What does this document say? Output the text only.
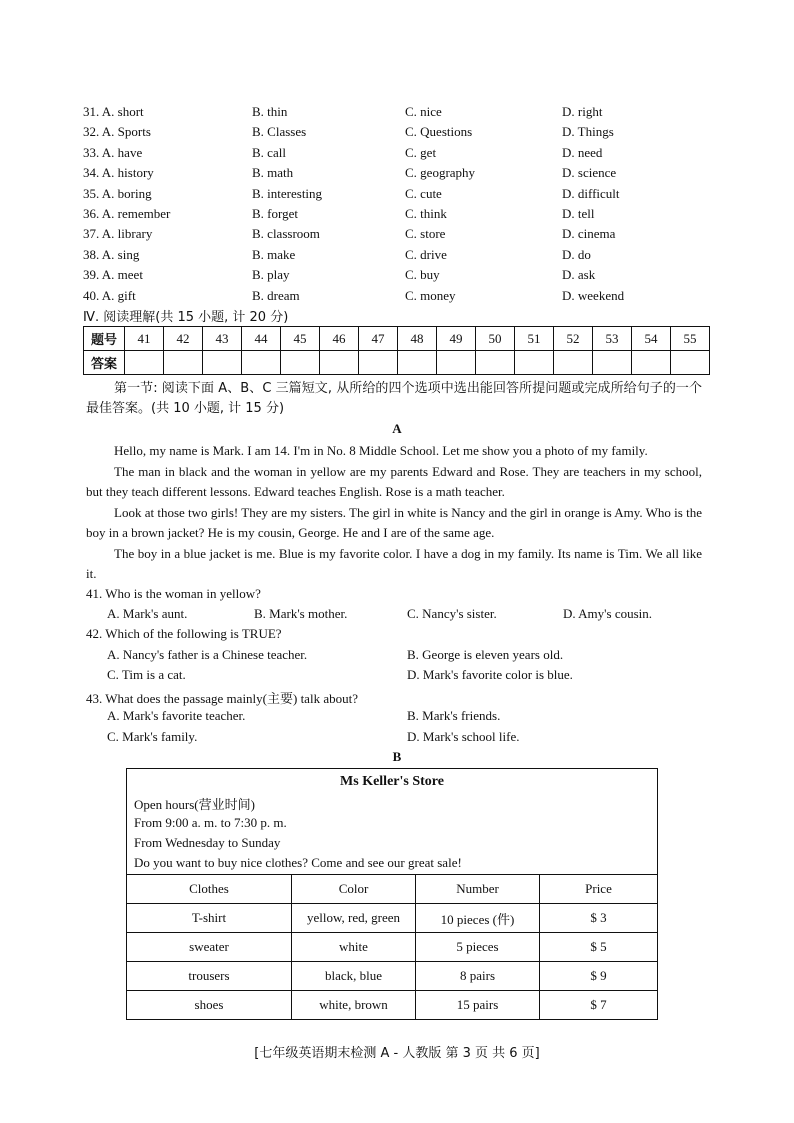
31. A. short	B. thin	C. nice	D. right
32. A. Sports	B. Classes	C. Questions	D. Things
33. A. have	B. call	C. get	D. need
34. A. history	B. math	C. geography	D. science
35. A. boring	B. interesting	C. cute	D. difficult
36. A. remember	B. forget	C. think	D. tell
37. A. library	B. classroom	C. store	D. cinema
38. A. sing	B. make	C. drive	D. do
39. A. meet	B. play	C. buy	D. ask
40. A. gift	B. dream	C. money	D. weekend
Ⅳ. 阅读理解(共 15 小题, 计 20 分)
题号	41	42	43	44	45	46	47	48	49	50	51	52	53	54	55
答案															
第一节: 阅读下面 A、B、C 三篇短文, 从所给的四个选项中选出能回答所提问题或完成所给句子的一个最佳答案。(共 10 小题, 计 15 分)
A
Hello, my name is Mark. I am 14. I'm in No. 8 Middle School. Let me show you a photo of my family.
The man in black and the woman in yellow are my parents Edward and Rose. They are teachers in my school, but they teach different lessons. Edward teaches English. Rose is a math teacher.
Look at those two girls! They are my sisters. The girl in white is Nancy and the girl in orange is Amy. Who is the boy in a brown jacket? He is my cousin, George. He and I are of the same age.
The boy in a blue jacket is me. Blue is my favorite color. I have a dog in my family. Its name is Tim. We all like it.
41. Who is the woman in yellow?
A. Mark's aunt.	B. Mark's mother.	C. Nancy's sister.	D. Amy's cousin.
42. Which of the following is TRUE?
A. Nancy's father is a Chinese teacher.	B. George is eleven years old.
C. Tim is a cat.	D. Mark's favorite color is blue.
43. What does the passage mainly(主要) talk about?
A. Mark's favorite teacher.	B. Mark's friends.
C. Mark's family.	D. Mark's school life.
B
Ms Keller's Store
Open hours(营业时间)
From 9:00 a. m. to 7:30 p. m.
From Wednesday to Sunday
Do you want to buy nice clothes? Come and see our great sale!
Clothes	Color	Number	Price
T-shirt	yellow, red, green	10 pieces (件)	$ 3
sweater	white	5 pieces	$ 5
trousers	black, blue	8 pairs	$ 9
shoes	white, brown	15 pairs	$ 7
[七年级英语期末检测 A - 人教版 第 3 页 共 6 页]
